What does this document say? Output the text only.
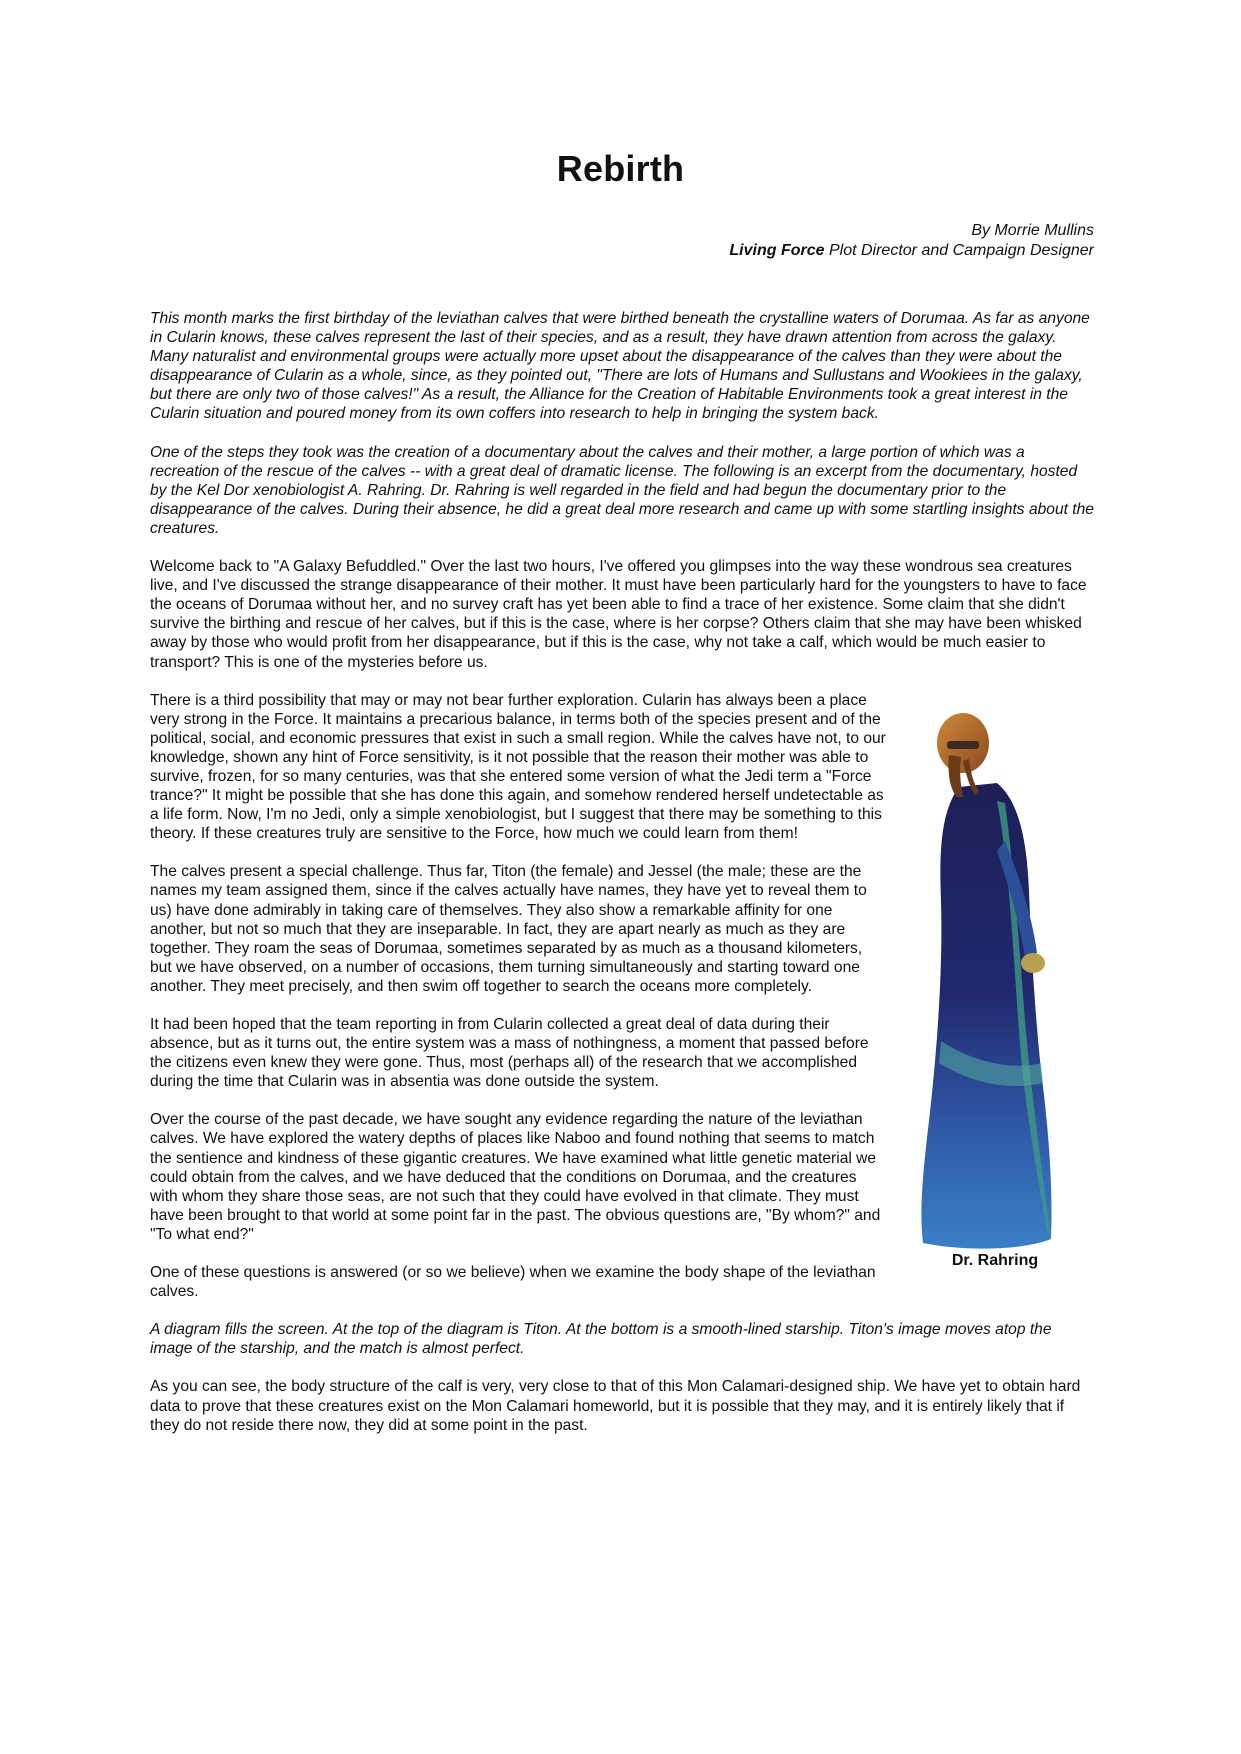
Rebirth
By Morrie Mullins
Living Force Plot Director and Campaign Designer

This month marks the first birthday of the leviathan calves that were birthed beneath the crystalline waters of Dorumaa. As far as anyone in Cularin knows, these calves represent the last of their species, and as a result, they have drawn attention from across the galaxy. Many naturalist and environmental groups were actually more upset about the disappearance of the calves than they were about the disappearance of Cularin as a whole, since, as they pointed out, "There are lots of Humans and Sullustans and Wookiees in the galaxy, but there are only two of those calves!" As a result, the Alliance for the Creation of Habitable Environments took a great interest in the Cularin situation and poured money from its own coffers into research to help in bringing the system back.

One of the steps they took was the creation of a documentary about the calves and their mother, a large portion of which was a recreation of the rescue of the calves -- with a great deal of dramatic license. The following is an excerpt from the documentary, hosted by the Kel Dor xenobiologist A. Rahring. Dr. Rahring is well regarded in the field and had begun the documentary prior to the disappearance of the calves. During their absence, he did a great deal more research and came up with some startling insights about the creatures.

Welcome back to "A Galaxy Befuddled." Over the last two hours, I've offered you glimpses into the way these wondrous sea creatures live, and I've discussed the strange disappearance of their mother. It must have been particularly hard for the youngsters to have to face the oceans of Dorumaa without her, and no survey craft has yet been able to find a trace of her existence. Some claim that she didn't survive the birthing and rescue of her calves, but if this is the case, where is her corpse? Others claim that she may have been whisked away by those who would profit from her disappearance, but if this is the case, why not take a calf, which would be much easier to transport? This is one of the mysteries before us.

Dr. Rahring

There is a third possibility that may or may not bear further exploration. Cularin has always been a place very strong in the Force. It maintains a precarious balance, in terms both of the species present and of the political, social, and economic pressures that exist in such a small region. While the calves have not, to our knowledge, shown any hint of Force sensitivity, is it not possible that the reason their mother was able to survive, frozen, for so many centuries, was that she entered some version of what the Jedi term a "Force trance?" It might be possible that she has done this again, and somehow rendered herself undetectable as a life form. Now, I'm no Jedi, only a simple xenobiologist, but I suggest that there may be something to this theory. If these creatures truly are sensitive to the Force, how much we could learn from them!

The calves present a special challenge. Thus far, Titon (the female) and Jessel (the male; these are the names my team assigned them, since if the calves actually have names, they have yet to reveal them to us) have done admirably in taking care of themselves. They also show a remarkable affinity for one another, but not so much that they are inseparable. In fact, they are apart nearly as much as they are together. They roam the seas of Dorumaa, sometimes separated by as much as a thousand kilometers, but we have observed, on a number of occasions, them turning simultaneously and starting toward one another. They meet precisely, and then swim off together to search the oceans more completely.

It had been hoped that the team reporting in from Cularin collected a great deal of data during their absence, but as it turns out, the entire system was a mass of nothingness, a moment that passed before the citizens even knew they were gone. Thus, most (perhaps all) of the research that we accomplished during the time that Cularin was in absentia was done outside the system.

Over the course of the past decade, we have sought any evidence regarding the nature of the leviathan calves. We have explored the watery depths of places like Naboo and found nothing that seems to match the sentience and kindness of these gigantic creatures. We have examined what little genetic material we could obtain from the calves, and we have deduced that the conditions on Dorumaa, and the creatures with whom they share those seas, are not such that they could have evolved in that climate. They must have been brought to that world at some point far in the past. The obvious questions are, "By whom?" and "To what end?"

One of these questions is answered (or so we believe) when we examine the body shape of the leviathan calves.

A diagram fills the screen. At the top of the diagram is Titon. At the bottom is a smooth-lined starship. Titon's image moves atop the image of the starship, and the match is almost perfect.

As you can see, the body structure of the calf is very, very close to that of this Mon Calamari-designed ship. We have yet to obtain hard data to prove that these creatures exist on the Mon Calamari homeworld, but it is possible that they may, and it is entirely likely that if they do not reside there now, they did at some point in the past.
